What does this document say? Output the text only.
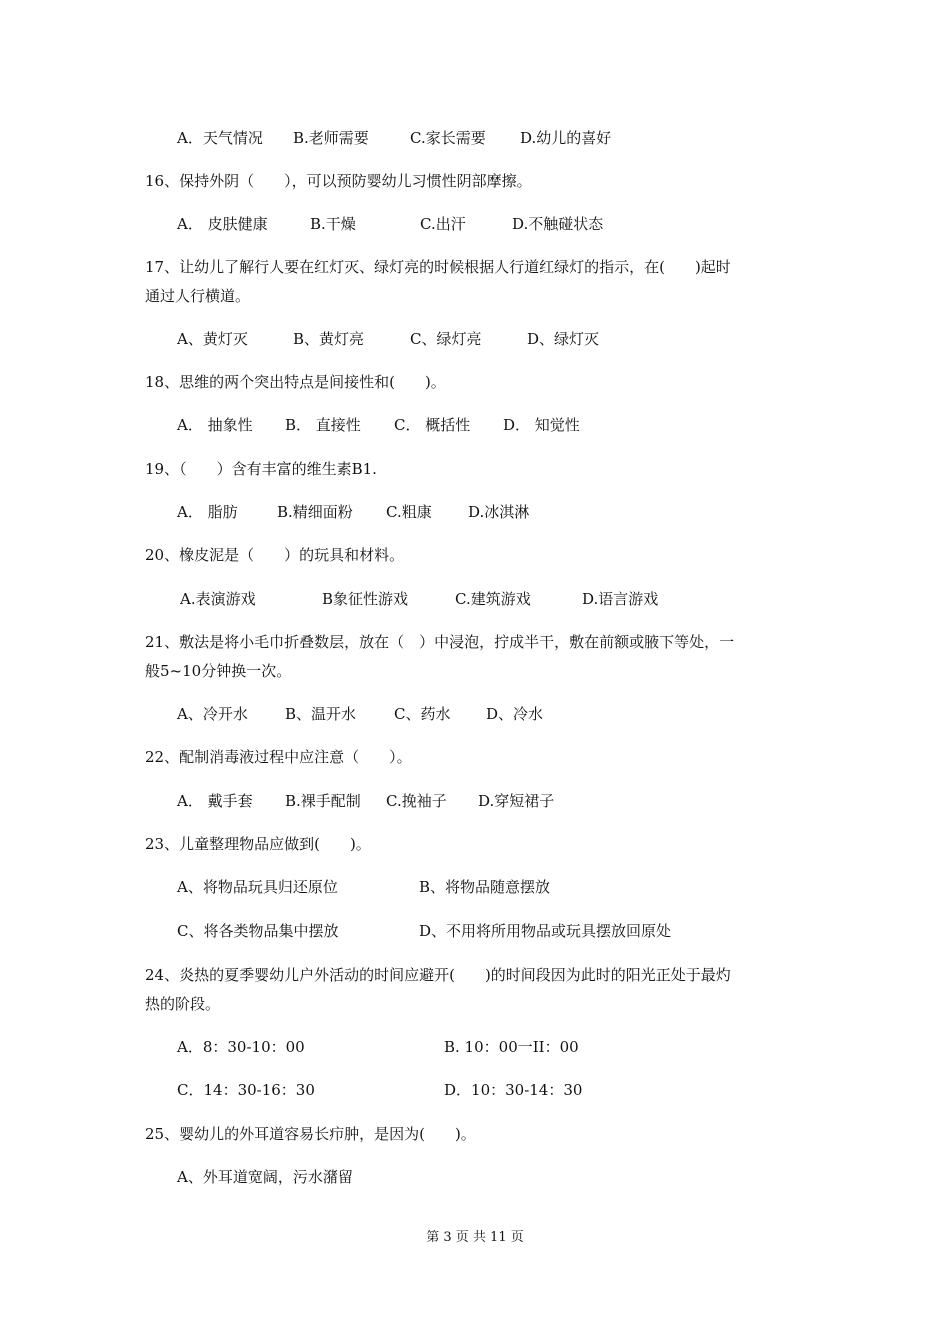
A．天气情况 B.老师需要	C.家长需要 D.幼儿的喜好
16、保持外阴（　　），可以预防婴幼儿习惯性阴部摩擦。
A． 皮肤健康	B.干燥	C.出汗	D.不触碰状态
17、让幼儿了解行人要在红灯灭、绿灯亮的时候根据人行道红绿灯的指示，在(　　)起时
通过人行横道。
A、黄灯灭	B、黄灯亮	C、绿灯亮	D、绿灯灭
18、思维的两个突出特点是间接性和(　　)。
A． 抽象性 B． 直接性 C． 概括性 D． 知觉性
19、（　　）含有丰富的维生素B1.
A． 脂肪	B.精细面粉 C.粗康 D.冰淇淋
20、橡皮泥是（　　）的玩具和材料。
A.表演游戏	B象征性游戏	C.建筑游戏	D.语言游戏
21、敷法是将小毛巾折叠数层，放在（　）中浸泡，拧成半干，敷在前额或腋下等处，一
般5~10分钟换一次。
A、冷开水 B、温开水	C、药水 D、冷水
22、配制消毒液过程中应注意（　　）。
A． 戴手套 B.裸手配制 C.挽袖子 D.穿短裙子
23、儿童整理物品应做到(　　)。
A、将物品玩具归还原位	B、将物品随意摆放
C、将各类物品集中摆放	D、不用将所用物品或玩具摆放回原处
24、炎热的夏季婴幼儿户外活动的时间应避开(　　)的时间段因为此时的阳光正处于最灼
热的阶段。
A．8：30-10：00	B. 10：00一II：00
C．14：30-16：30	D．10：30-14：30
25、婴幼儿的外耳道容易长疖肿，是因为(　　)。
A、外耳道宽阔，污水潴留
第 3 页 共 11 页
